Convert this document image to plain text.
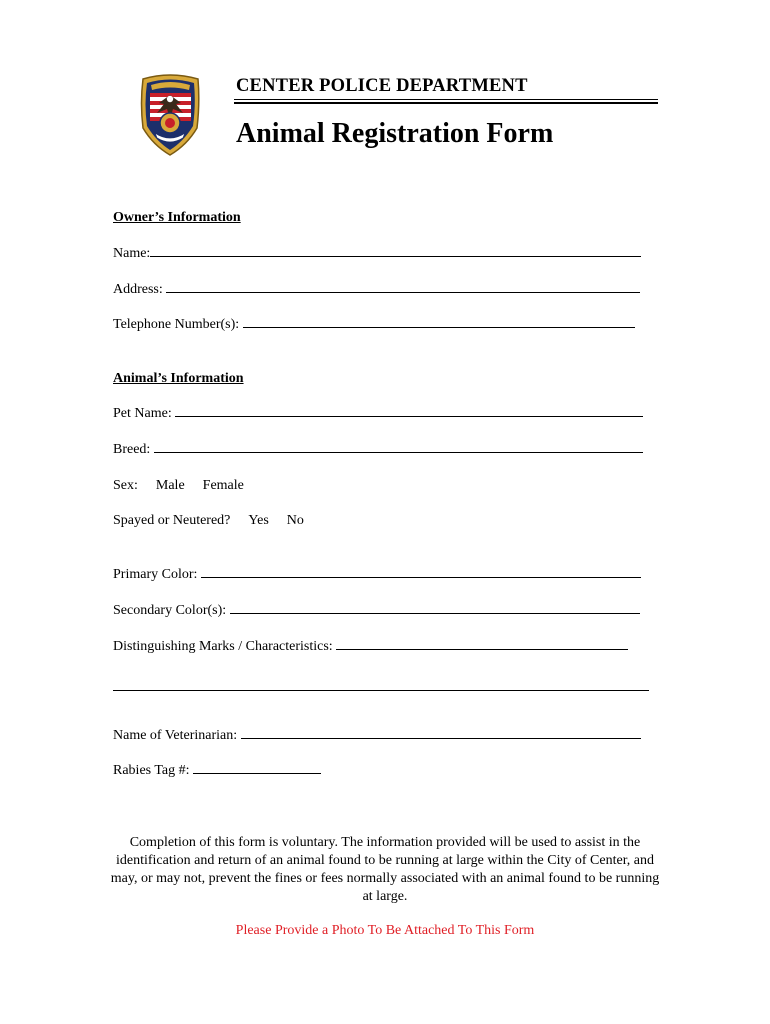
CENTER POLICE DEPARTMENT
Animal Registration Form
Owner’s Information
Name:
Address:
Telephone Number(s):
Animal’s Information
Pet Name:
Breed:
Sex: Male Female
Spayed or Neutered? Yes No
Primary Color:
Secondary Color(s):
Distinguishing Marks / Characteristics:
Name of Veterinarian:
Rabies Tag #:
Completion of this form is voluntary. The information provided will be used to assist in the identification and return of an animal found to be running at large within the City of Center, and may, or may not, prevent the fines or fees normally associated with an animal found to be running at large.
Please Provide a Photo To Be Attached To This Form
